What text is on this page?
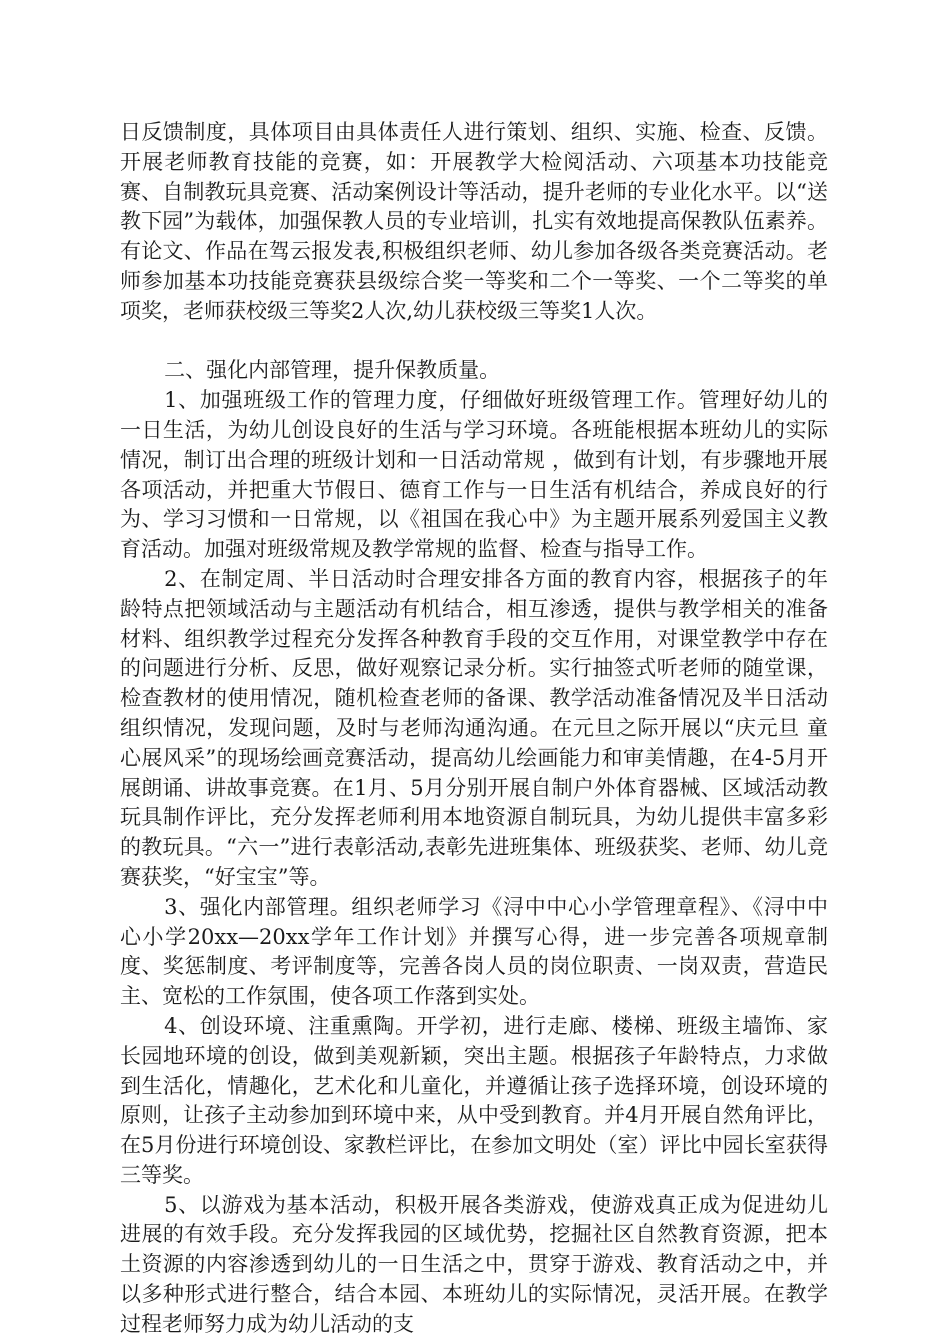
日反馈制度，具体项目由具体责任人进行策划、组织、实施、检查、反馈。开展老师教育技能的竞赛，如：开展教学大检阅活动、六项基本功技能竞赛、自制教玩具竞赛、活动案例设计等活动，提升老师的专业化水平。以“送教下园”为载体，加强保教人员的专业培训，扎实有效地提高保教队伍素养。有论文、作品在驾云报发表,积极组织老师、幼儿参加各级各类竞赛活动。老师参加基本功技能竞赛获县级综合奖一等奖和二个一等奖、一个二等奖的单项奖，老师获校级三等奖2人次,幼儿获校级三等奖1人次。

二、强化内部管理，提升保教质量。

1、加强班级工作的管理力度，仔细做好班级管理工作。管理好幼儿的一日生活，为幼儿创设良好的生活与学习环境。各班能根据本班幼儿的实际情况，制订出合理的班级计划和一日活动常规 ，做到有计划，有步骤地开展各项活动，并把重大节假日、德育工作与一日生活有机结合，养成良好的行为、学习习惯和一日常规，以《祖国在我心中》为主题开展系列爱国主义教育活动。加强对班级常规及教学常规的监督、检查与指导工作。

2、在制定周、半日活动时合理安排各方面的教育内容，根据孩子的年龄特点把领域活动与主题活动有机结合，相互渗透，提供与教学相关的准备材料、组织教学过程充分发挥各种教育手段的交互作用，对课堂教学中存在的问题进行分析、反思，做好观察记录分析。实行抽签式听老师的随堂课，检查教材的使用情况，随机检查老师的备课、教学活动准备情况及半日活动组织情况，发现问题，及时与老师沟通沟通。在元旦之际开展以“庆元旦 童心展风采”的现场绘画竞赛活动，提高幼儿绘画能力和审美情趣，在4-5月开展朗诵、讲故事竞赛。在1月、5月分别开展自制户外体育器械、区域活动教玩具制作评比，充分发挥老师利用本地资源自制玩具，为幼儿提供丰富多彩的教玩具。“六一”进行表彰活动,表彰先进班集体、班级获奖、老师、幼儿竞赛获奖，“好宝宝”等。

3、强化内部管理。组织老师学习《浔中中心小学管理章程》、《浔中中心小学20xx—20xx学年工作计划》并撰写心得，进一步完善各项规章制度、奖惩制度、考评制度等，完善各岗人员的岗位职责、一岗双责，营造民主、宽松的工作氛围，使各项工作落到实处。

4、创设环境、注重熏陶。开学初，进行走廊、楼梯、班级主墙饰、家长园地环境的创设，做到美观新颖，突出主题。根据孩子年龄特点，力求做到生活化，情趣化，艺术化和儿童化，并遵循让孩子选择环境，创设环境的原则，让孩子主动参加到环境中来，从中受到教育。并4月开展自然角评比，在5月份进行环境创设、家教栏评比，在参加文明处（室）评比中园长室获得三等奖。

5、以游戏为基本活动，积极开展各类游戏，使游戏真正成为促进幼儿进展的有效手段。充分发挥我园的区域优势，挖掘社区自然教育资源，把本土资源的内容渗透到幼儿的一日生活之中，贯穿于游戏、教育活动之中，并以多种形式进行整合，结合本园、本班幼儿的实际情况，灵活开展。在教学过程老师努力成为幼儿活动的支
